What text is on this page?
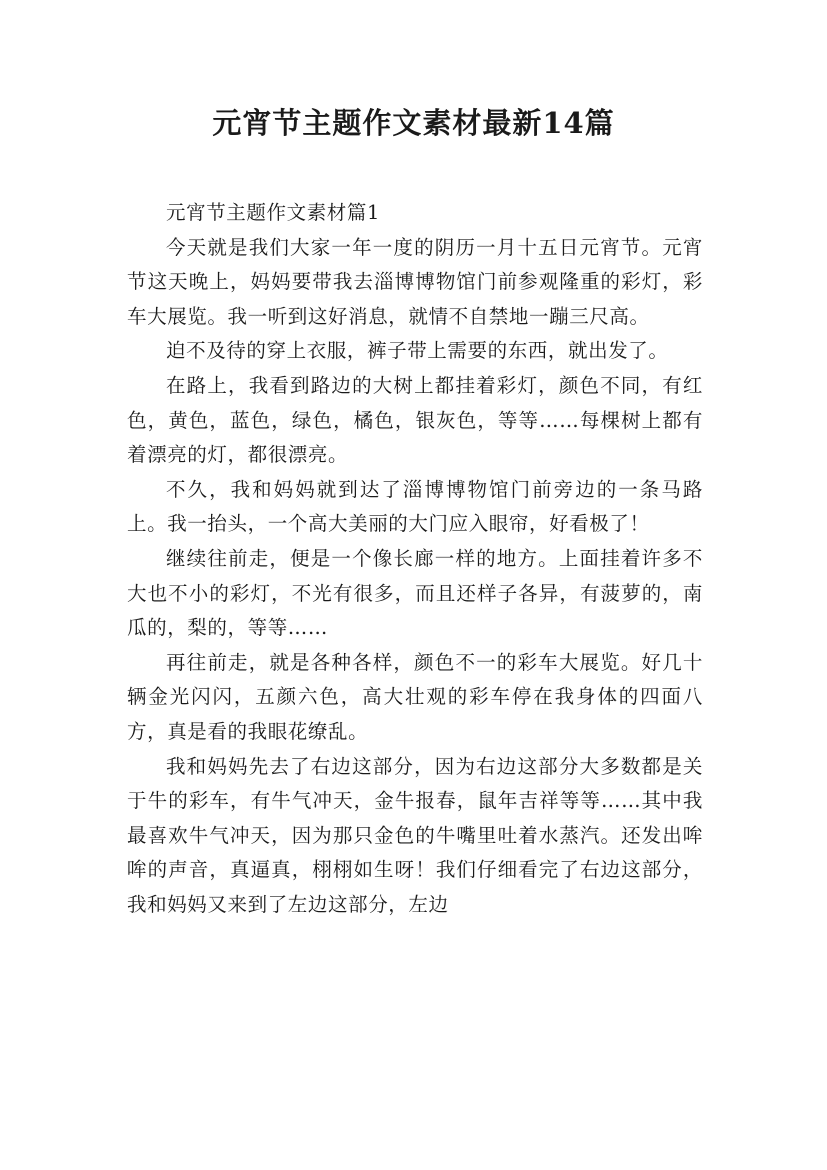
元宵节主题作文素材最新14篇

元宵节主题作文素材篇1

今天就是我们大家一年一度的阴历一月十五日元宵节。元宵节这天晚上，妈妈要带我去淄博博物馆门前参观隆重的彩灯，彩车大展览。我一听到这好消息，就情不自禁地一蹦三尺高。

迫不及待的穿上衣服，裤子带上需要的东西，就出发了。

在路上，我看到路边的大树上都挂着彩灯，颜色不同，有红色，黄色，蓝色，绿色，橘色，银灰色，等等……每棵树上都有着漂亮的灯，都很漂亮。

不久，我和妈妈就到达了淄博博物馆门前旁边的一条马路上。我一抬头，一个高大美丽的大门应入眼帘，好看极了！

继续往前走，便是一个像长廊一样的地方。上面挂着许多不大也不小的彩灯，不光有很多，而且还样子各异，有菠萝的，南瓜的，梨的，等等……

再往前走，就是各种各样，颜色不一的彩车大展览。好几十辆金光闪闪，五颜六色，高大壮观的彩车停在我身体的四面八方，真是看的我眼花缭乱。

我和妈妈先去了右边这部分，因为右边这部分大多数都是关于牛的彩车，有牛气冲天，金牛报春，鼠年吉祥等等……其中我最喜欢牛气冲天，因为那只金色的牛嘴里吐着水蒸汽。还发出哞哞的声音，真逼真，栩栩如生呀！我们仔细看完了右边这部分，我和妈妈又来到了左边这部分，左边
